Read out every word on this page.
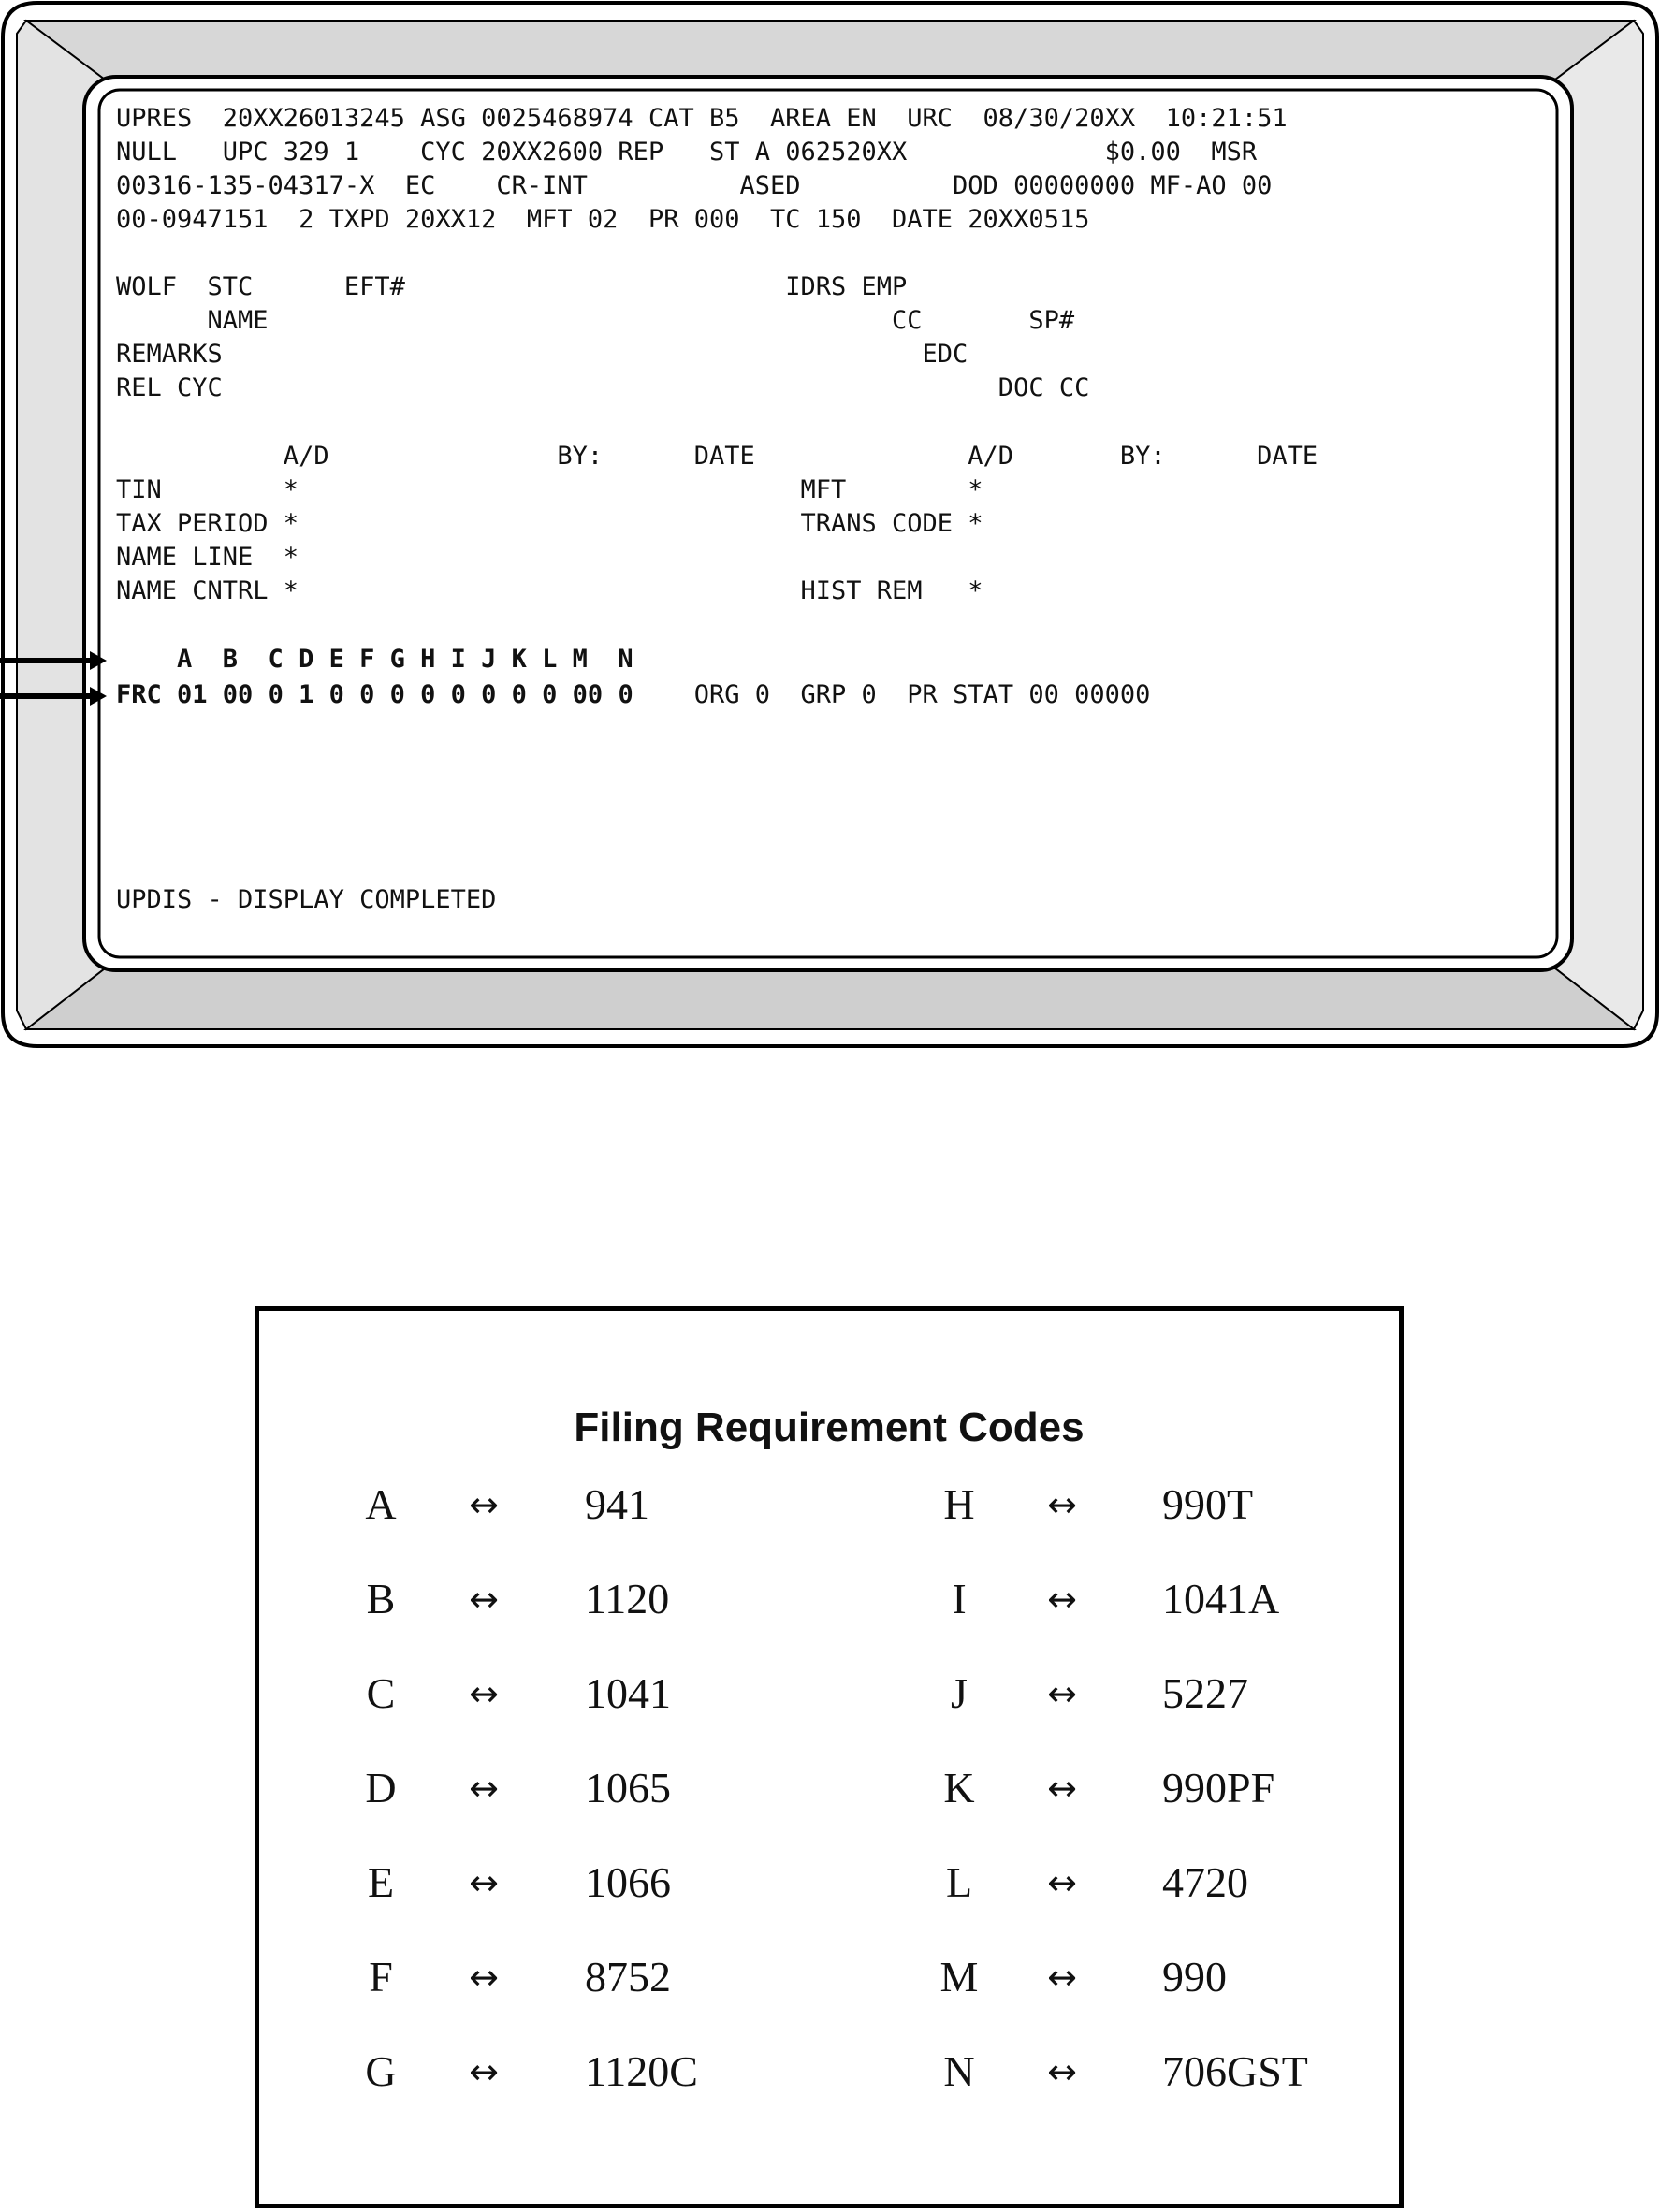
UPRES  20XX26013245 ASG 0025468974 CAT B5  AREA EN  URC  08/30/20XX  10:21:51
NULL   UPC 329 1    CYC 20XX2600 REP   ST A 062520XX             $0.00  MSR
00316-135-04317-X  EC    CR-INT          ASED          DOD 00000000 MF-AO 00
00-0947151  2 TXPD 20XX12  MFT 02  PR 000  TC 150  DATE 20XX0515
WOLF  STC      EFT#                         IDRS EMP
NAME                                         CC       SP#
REMARKS                                              EDC
REL CYC                                                   DOC CC
A/D               BY:      DATE              A/D       BY:      DATE
TIN        *                                 MFT        *
TAX PERIOD *                                 TRANS CODE *
NAME LINE  *
NAME CNTRL *                                 HIST REM   *
A  B  C D E F G H I J K L M  N
FRC 01 00 0 1 0 0 0 0 0 0 0 0 00 0    ORG 0  GRP 0  PR STAT 00 00000
UPDIS - DISPLAY COMPLETED
Filing Requirement Codes
A	↔	941
B	↔	1120
C	↔	1041
D	↔	1065
E	↔	1066
F	↔	8752
G	↔	1120C
H	↔	990T
I	↔	1041A
J	↔	5227
K	↔	990PF
L	↔	4720
M	↔	990
N	↔	706GST
